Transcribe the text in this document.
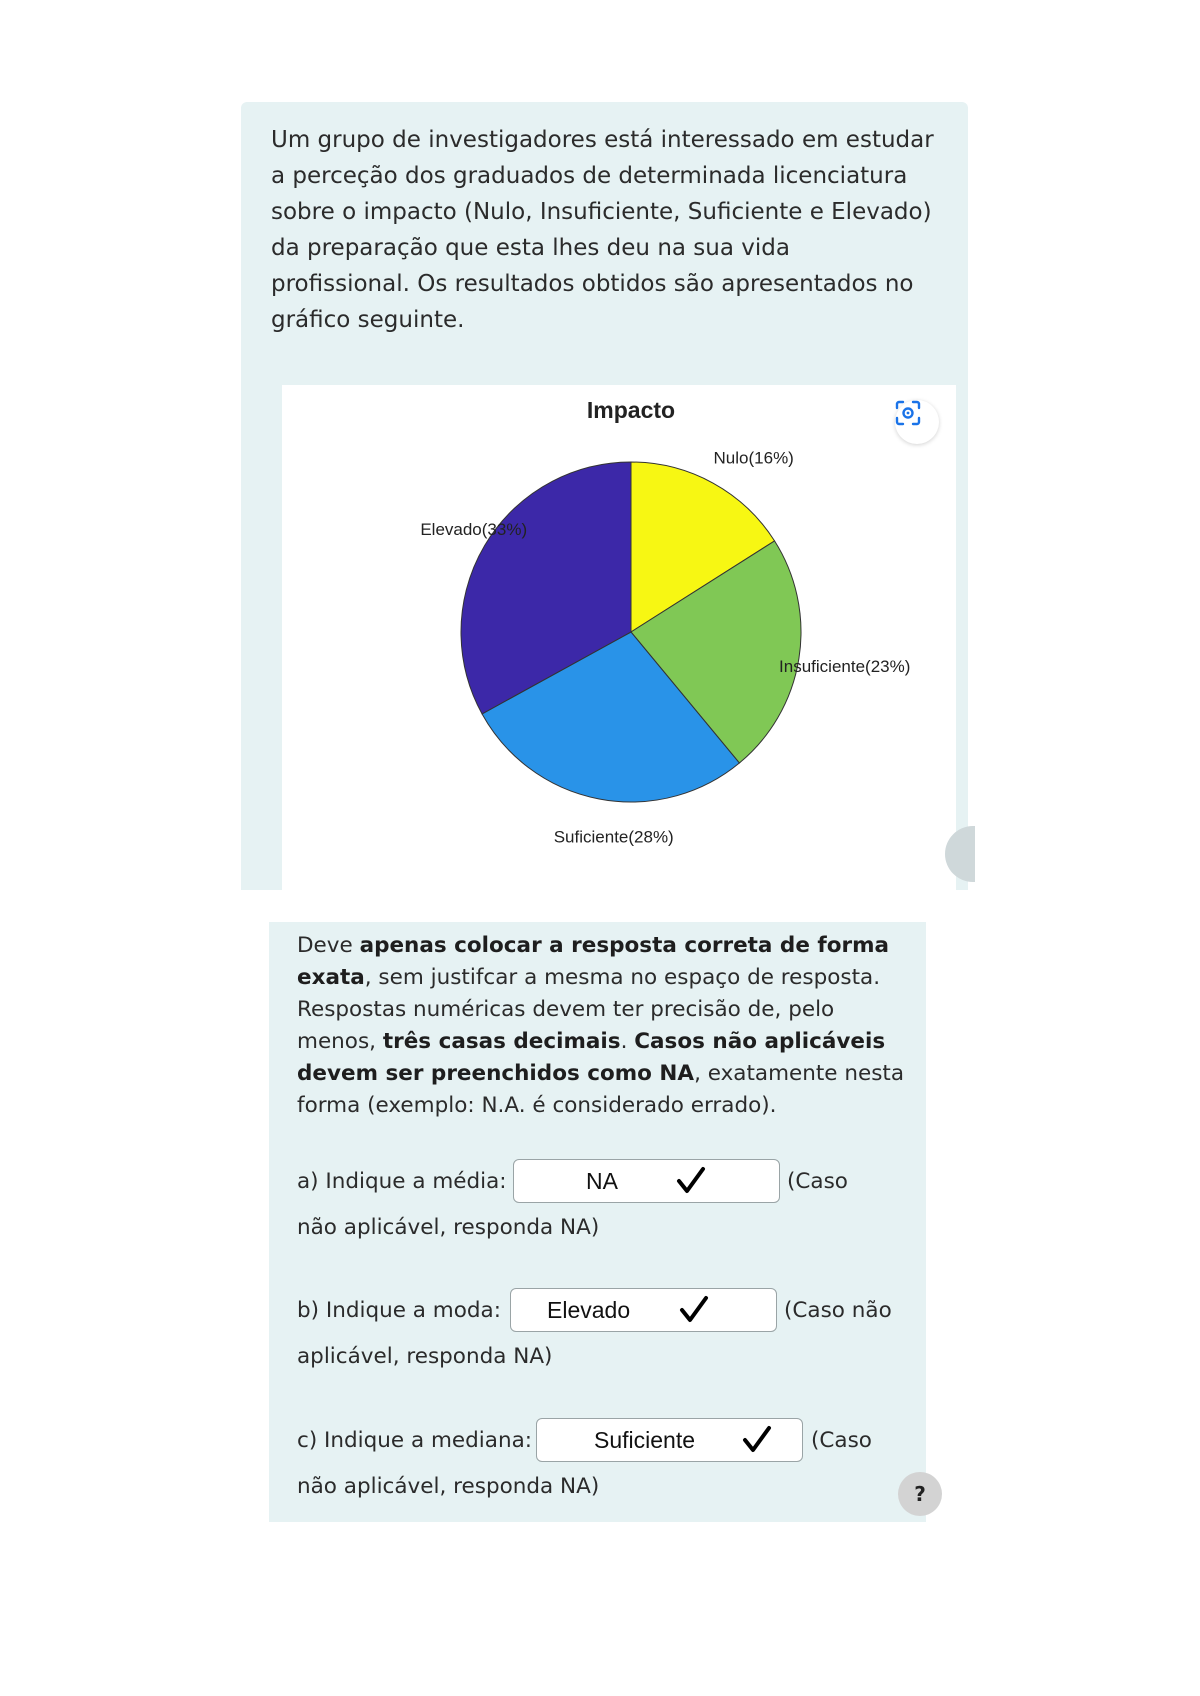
Um grupo de investigadores está interessado em estudar a perceção dos graduados de determinada licenciatura sobre o impacto (Nulo, Insuficiente, Suficiente e Elevado) da preparação que esta lhes deu na sua vida profissional. Os resultados obtidos são apresentados no gráfico seguinte.

Impacto
Nulo(16%)
Insuficiente(23%)
Suficiente(28%)
Elevado(33%)

Deve apenas colocar a resposta correta de forma exata, sem justifcar a mesma no espaço de resposta. Respostas numéricas devem ter precisão de, pelo menos, três casas decimais. Casos não aplicáveis devem ser preenchidos como NA, exatamente nesta forma (exemplo: N.A. é considerado errado).

a) Indique a média:	NA	(Caso
não aplicável, responda NA)
b) Indique a moda: Elevado	(Caso não
aplicável, responda NA)
c) Indique a mediana:	Suficiente	(Caso
não aplicável, responda NA)	?
